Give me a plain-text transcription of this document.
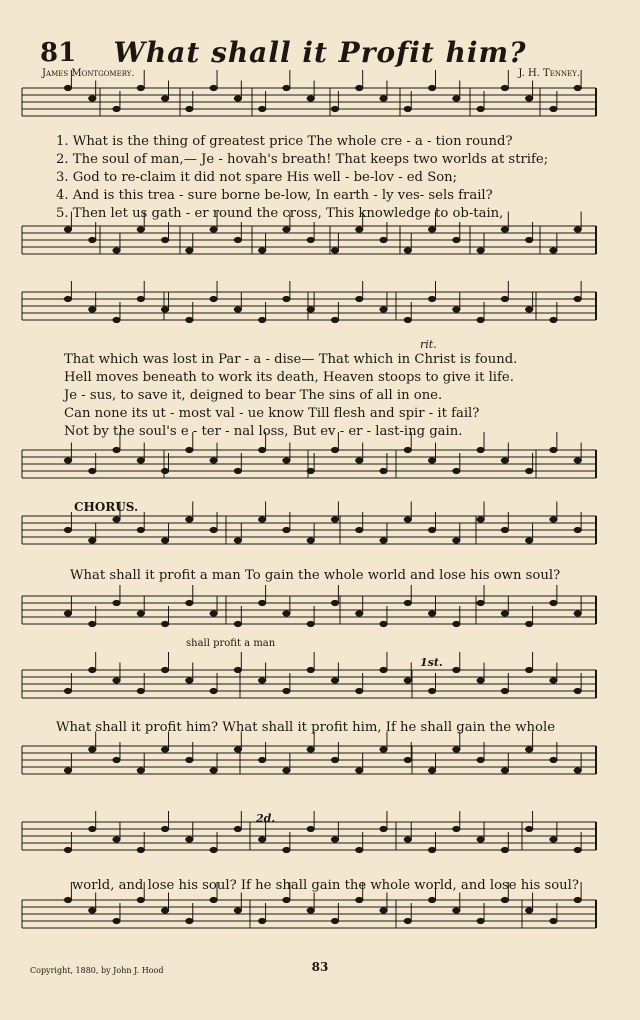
81	What shall it Profit him?
James Montgomery.	J. H. Tenney.
1. What is the thing of greatest price The whole cre - a - tion round?
2. The soul of man,— Je - hovah's breath! That keeps two worlds at strife;
3. God to re-claim it did not spare His well - be-lov - ed Son;
4. And is this trea - sure borne be-low, In earth - ly ves- sels frail?
5. Then let us gath - er round the cross, This knowledge to ob-tain,
rit.
That which was lost in Par - a - dise— That which in Christ is found.
Hell moves beneath to work its death, Heaven stoops to give it life.
Je - sus, to save it, deigned to bear The sins of all in one.
Can none its ut - most val - ue know Till flesh and spir - it fail?
Not by the soul's e - ter - nal loss, But ev - er - last-ing gain.
CHORUS.
What shall it profit a man To gain the whole world and lose his own soul?
shall profit a man
1st.
What shall it profit him? What shall it profit him, If he shall gain the whole
2d.
world, and lose his soul? If he shall gain the whole world, and lose his soul?
Copyright, 1880, by John J. Hood	83
